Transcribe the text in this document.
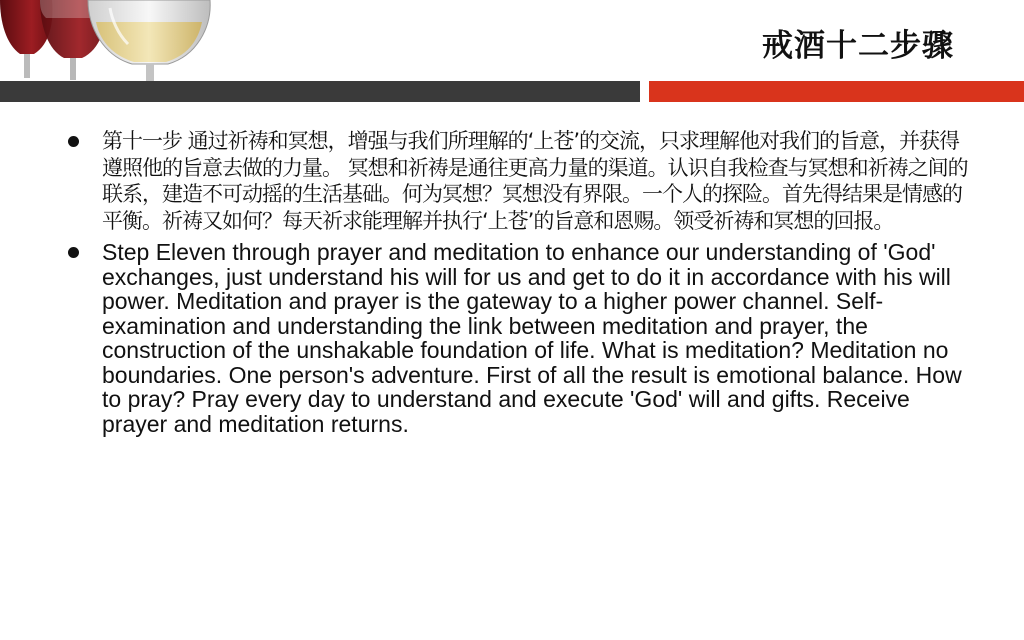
戒酒十二步骤
第十一步 通过祈祷和冥想，增强与我们所理解的‘上苍’的交流，只求理解他对我们的旨意，并获得遵照他的旨意去做的力量。 冥想和祈祷是通往更高力量的渠道。认识自我检查与冥想和祈祷之间的联系，建造不可动摇的生活基础。何为冥想？冥想没有界限。一个人的探险。首先得结果是情感的平衡。祈祷又如何？每天祈求能理解并执行‘上苍’的旨意和恩赐。领受祈祷和冥想的回报。
Step Eleven through prayer and meditation to enhance our understanding of 'God' exchanges, just understand his will for us and get to do it in accordance with his will power. Meditation and prayer is the gateway to a higher power channel. Self-examination and understanding the link between meditation and prayer, the construction of the unshakable foundation of life. What is meditation? Meditation no boundaries. One person's adventure. First of all the result is emotional balance. How to pray? Pray every day to understand and execute 'God' will and gifts. Receive prayer and meditation returns.
